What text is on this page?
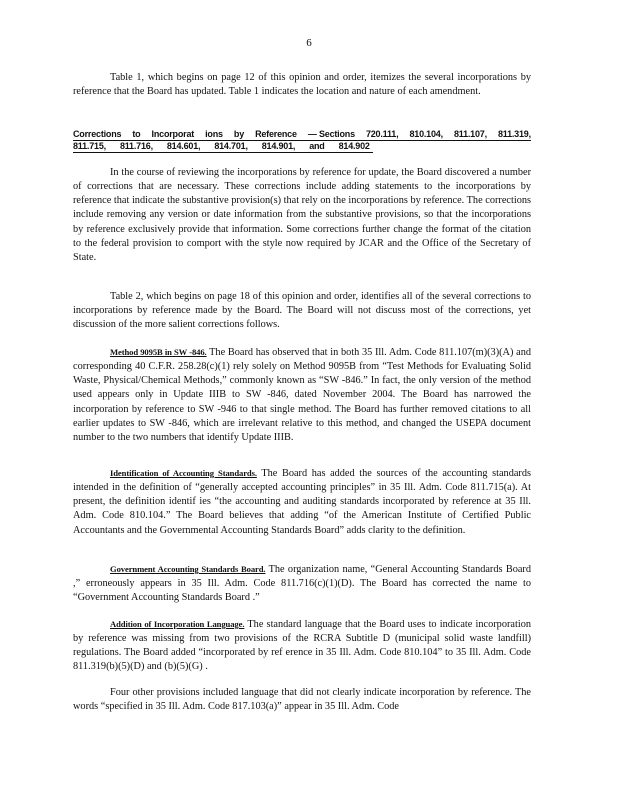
6

Table 1, which begins on page 12 of this opinion and order, itemizes the several incorporations by reference that the Board has updated. Table 1 indicates the location and nature of each amendment.

Corrections to Incorporat ions by Reference — Sections 720.111, 810.104, 811.107, 811.319,
811.715, 811.716, 814.601, 814.701, 814.901, and 814.902

In the course of reviewing the incorporations by reference for update, the Board discovered a number of corrections that are necessary. These corrections include adding statements to the incorporations by reference that indicate the substantive provision(s) that rely on the incorporations by reference. The corrections include removing any version or date information from the substantive provisions, so that the incorporations by reference exclusively provide that information. Some corrections further change the format of the citation to the federal provision to comport with the style now required by JCAR and the Office of the Secretary of State.

Table 2, which begins on page 18 of this opinion and order, identifies all of the several corrections to incorporations by reference made by the Board. The Board will not discuss most of the corrections, yet discussion of the more salient corrections follows.

Method 9095B in SW -846. The Board has observed that in both 35 Ill. Adm. Code 811.107(m)(3)(A) and corresponding 40 C.F.R. 258.28(c)(1) rely solely on Method 9095B from “Test Methods for Evaluating Solid Waste, Physical/Chemical Methods,” commonly known as “SW -846.” In fact, the only version of the method used appears only in Update IIIB to SW -846, dated November 2004. The Board has narrowed the incorporation by reference to SW -946 to that single method. The Board has further removed citations to all earlier updates to SW -846, which are irrelevant relative to this method, and changed the USEPA document number to the two numbers that identify Update IIIB.

Identification of Accounting Standards. The Board has added the sources of the accounting standards intended in the definition of “generally accepted accounting principles” in 35 Ill. Adm. Code 811.715(a). At present, the definition identif ies “the accounting and auditing standards incorporated by reference at 35 Ill. Adm. Code 810.104.” The Board believes that adding “of the American Institute of Certified Public Accountants and the Governmental Accounting Standards Board” adds clarity to the definition.

Government Accounting Standards Board. The organization name, “General Accounting Standards Board ,” erroneously appears in 35 Ill. Adm. Code 811.716(c)(1)(D). The Board has corrected the name to “Government Accounting Standards Board .”

Addition of Incorporation Language. The standard language that the Board uses to indicate incorporation by reference was missing from two provisions of the RCRA Subtitle D (municipal solid waste landfill) regulations. The Board added “incorporated by ref erence in 35 Ill. Adm. Code 810.104” to 35 Ill. Adm. Code 811.319(b)(5)(D) and (b)(5)(G) .

Four other provisions included language that did not clearly indicate incorporation by reference. The words “specified in 35 Ill. Adm. Code 817.103(a)” appear in 35 Ill. Adm. Code
